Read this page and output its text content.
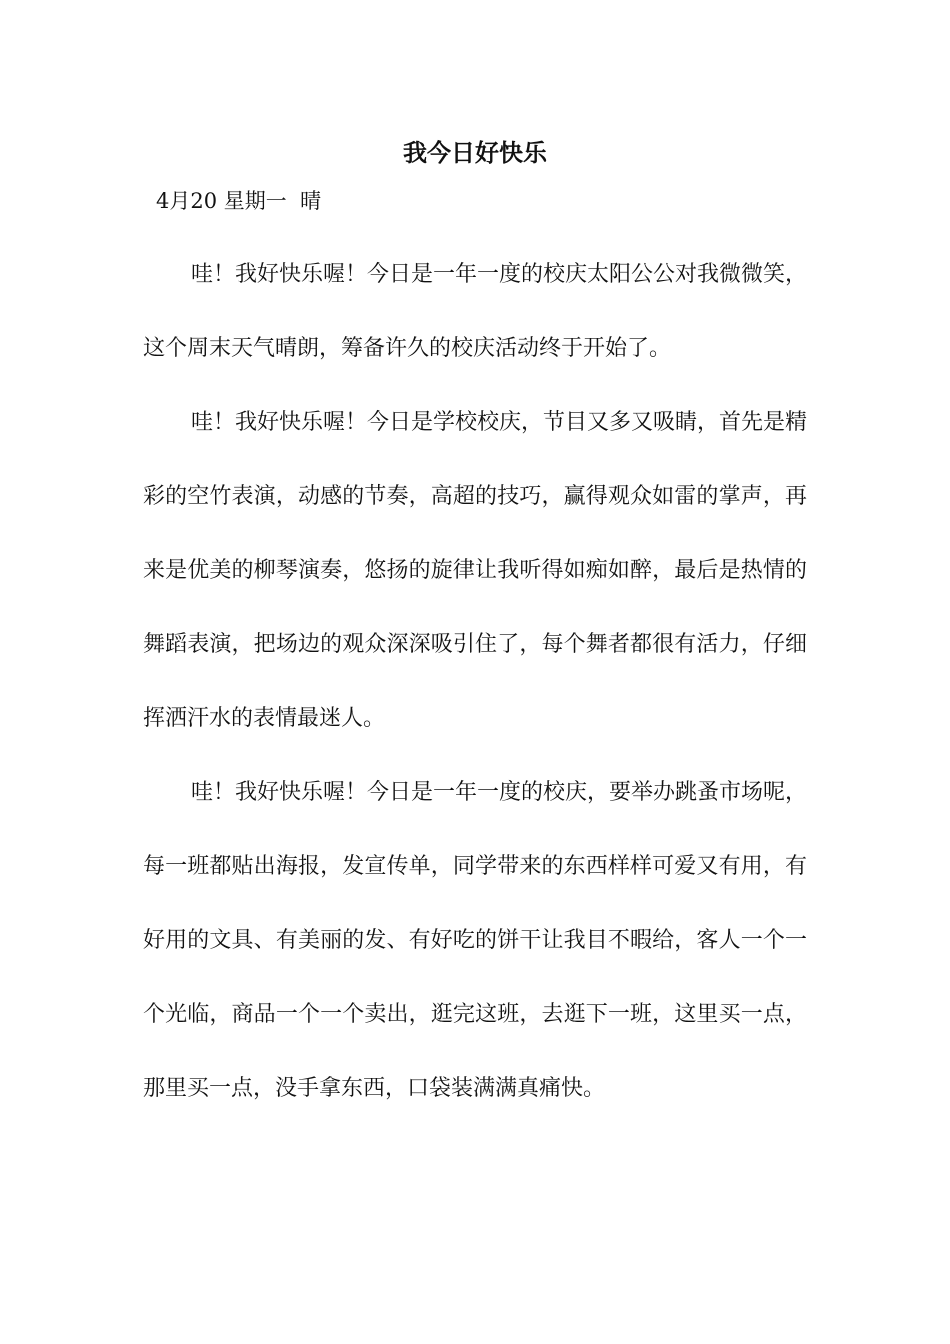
我今日好快乐

4月20 星期一  晴

哇！我好快乐喔！今日是一年一度的校庆太阳公公对我微微笑，这个周末天气晴朗，筹备许久的校庆活动终于开始了。

哇！我好快乐喔！今日是学校校庆，节目又多又吸睛，首先是精彩的空竹表演，动感的节奏，高超的技巧，赢得观众如雷的掌声，再来是优美的柳琴演奏，悠扬的旋律让我听得如痴如醉，最后是热情的舞蹈表演，把场边的观众深深吸引住了，每个舞者都很有活力，仔细挥洒汗水的表情最迷人。

哇！我好快乐喔！今日是一年一度的校庆，要举办跳蚤市场呢，每一班都贴出海报，发宣传单，同学带来的东西样样可爱又有用，有好用的文具、有美丽的发、有好吃的饼干让我目不暇给，客人一个一个光临，商品一个一个卖出，逛完这班，去逛下一班，这里买一点，那里买一点，没手拿东西，口袋装满满真痛快。
